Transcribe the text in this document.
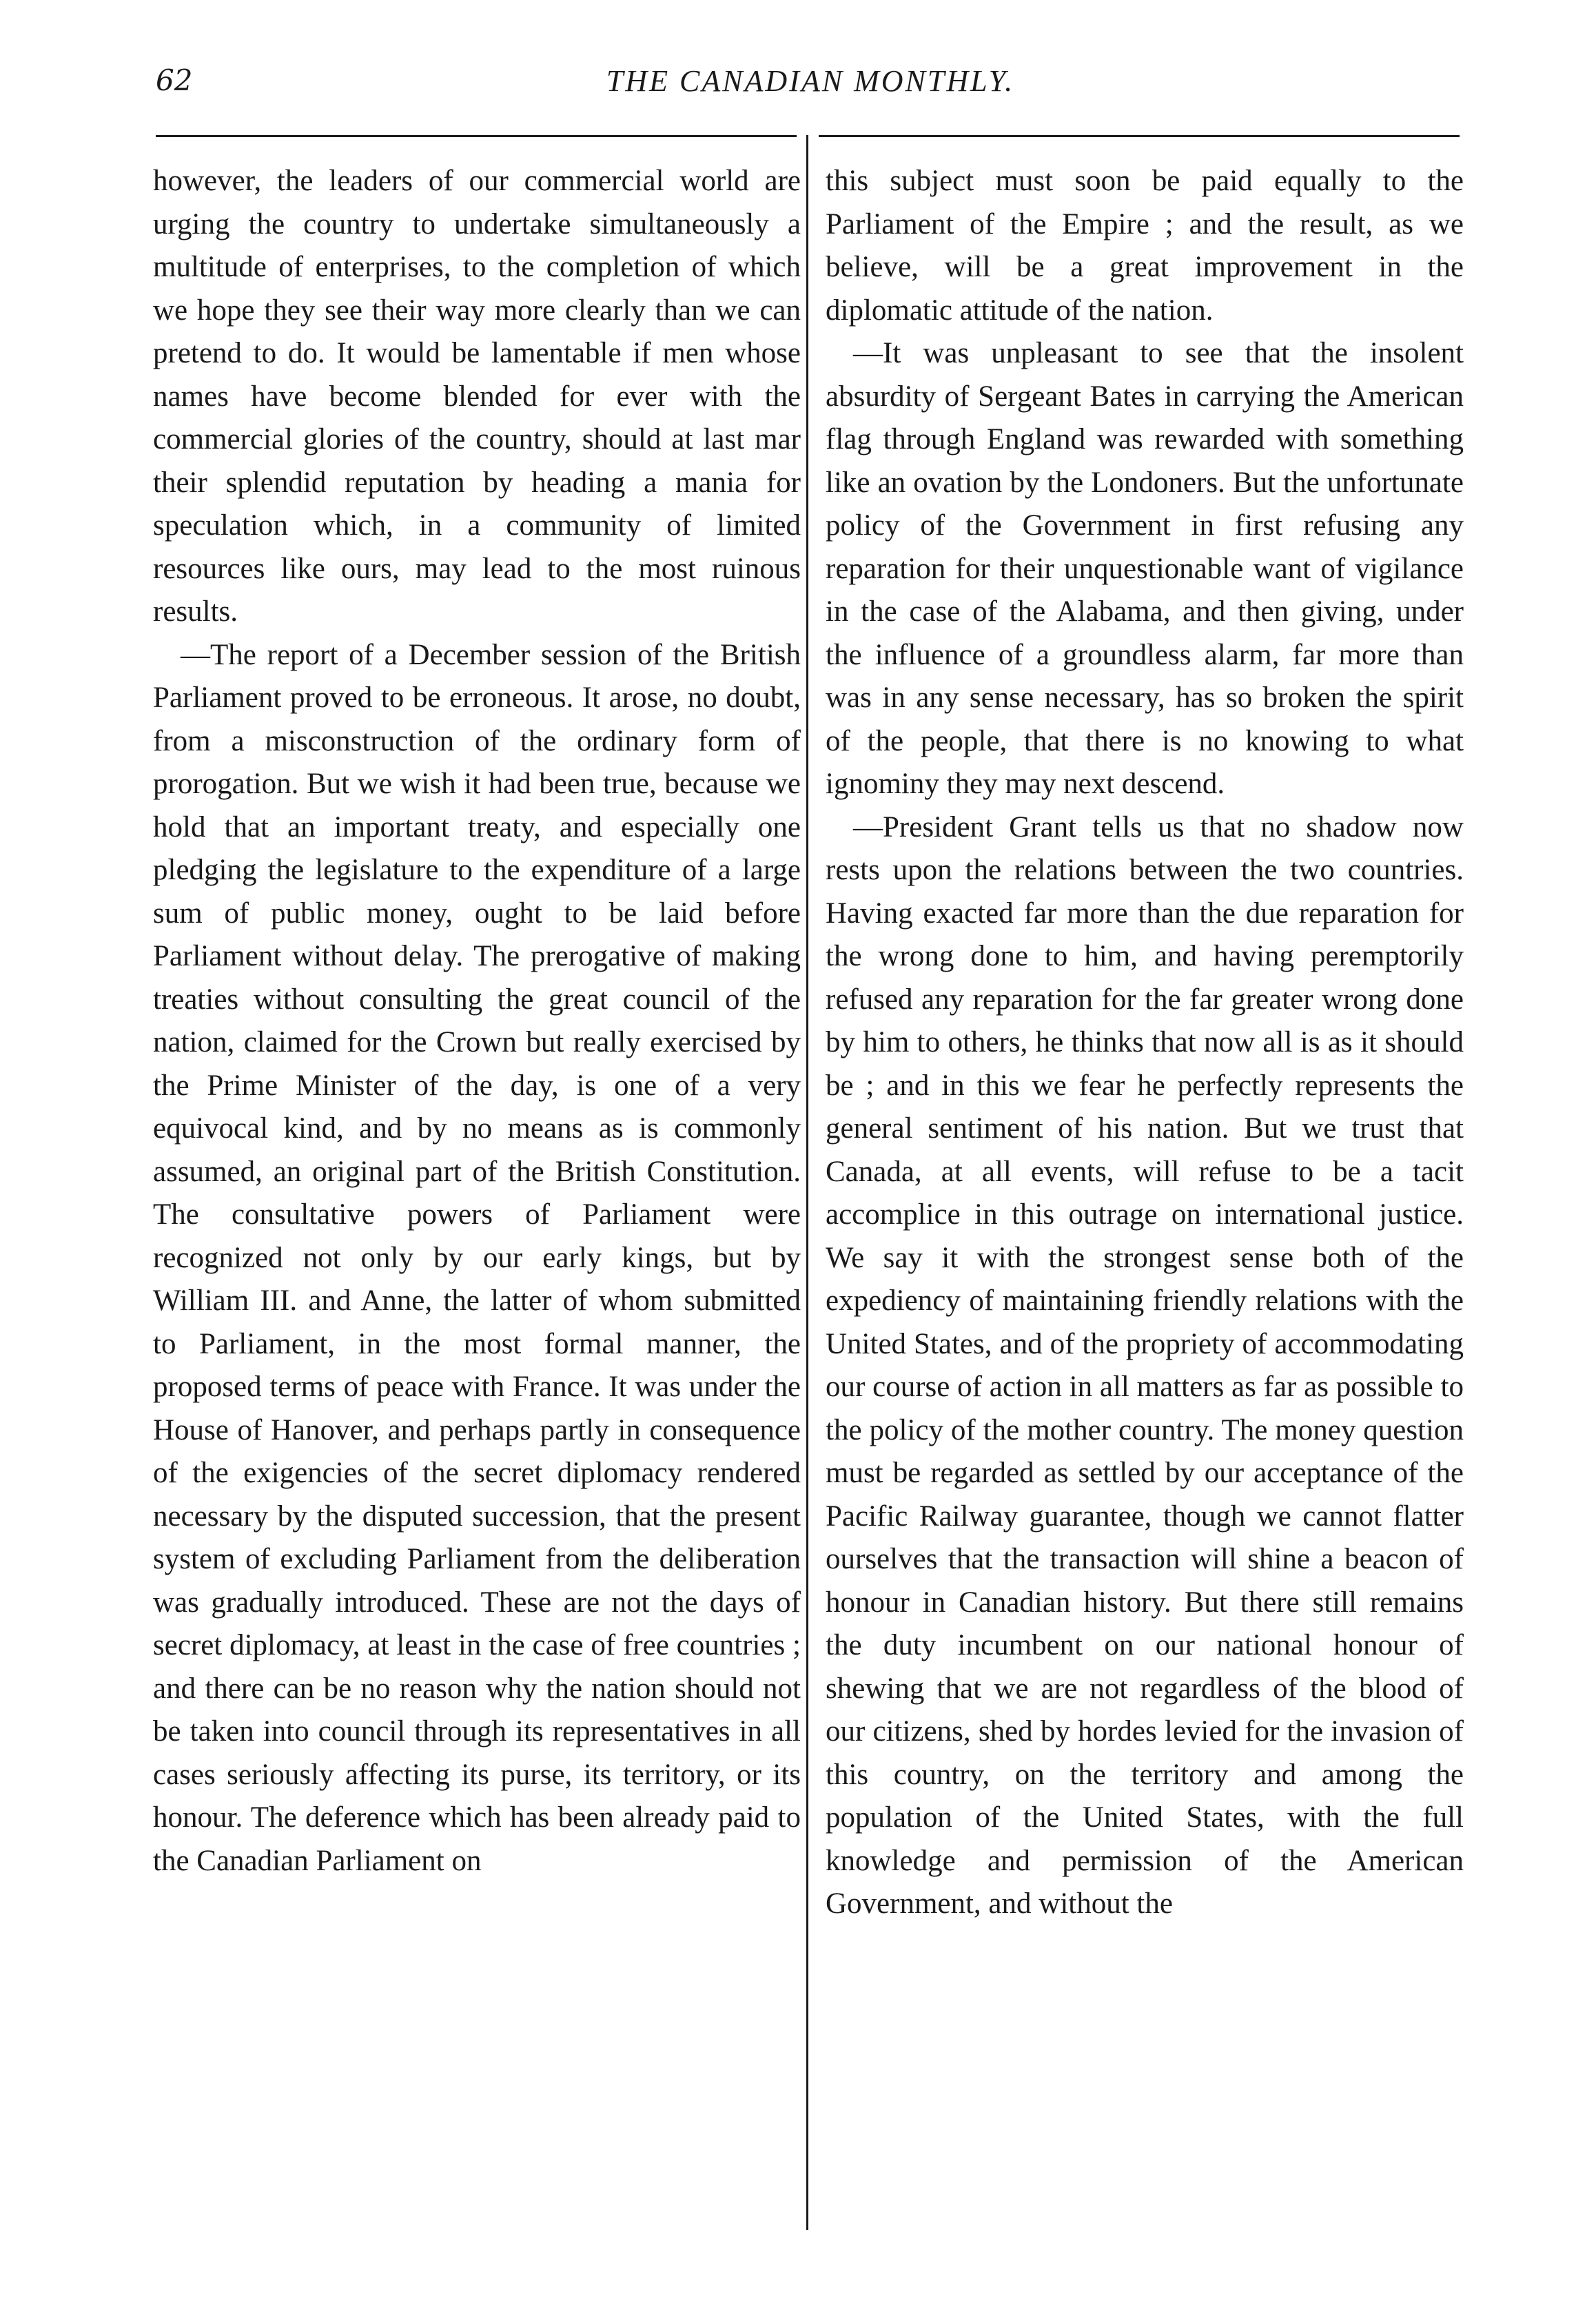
62	THE CANADIAN MONTHLY.

however, the leaders of our commercial world are urging the country to undertake simultaneously a multitude of enterprises, to the completion of which we hope they see their way more clearly than we can pretend to do. It would be lamentable if men whose names have become blended for ever with the commercial glories of the country, should at last mar their splendid reputation by heading a mania for speculation which, in a community of limited resources like ours, may lead to the most ruinous results.

—The report of a December session of the British Parliament proved to be erroneous. It arose, no doubt, from a misconstruction of the ordinary form of prorogation. But we wish it had been true, because we hold that an important treaty, and especially one pledging the legislature to the expenditure of a large sum of public money, ought to be laid before Parliament without delay. The prerogative of making treaties without consulting the great council of the nation, claimed for the Crown but really exercised by the Prime Minister of the day, is one of a very equivocal kind, and by no means as is commonly assumed, an original part of the British Constitution. The consultative powers of Parliament were recognized not only by our early kings, but by William III. and Anne, the latter of whom submitted to Parliament, in the most formal manner, the proposed terms of peace with France. It was under the House of Hanover, and perhaps partly in consequence of the exigencies of the secret diplomacy rendered necessary by the disputed succession, that the present system of excluding Parliament from the deliberation was gradually introduced. These are not the days of secret diplomacy, at least in the case of free countries ; and there can be no reason why the nation should not be taken into council through its representatives in all cases seriously affecting its purse, its territory, or its honour. The deference which has been already paid to the Canadian Parliament on

this subject must soon be paid equally to the Parliament of the Empire ; and the result, as we believe, will be a great improvement in the diplomatic attitude of the nation.

—It was unpleasant to see that the insolent absurdity of Sergeant Bates in carrying the American flag through England was rewarded with something like an ovation by the Londoners. But the unfortunate policy of the Government in first refusing any reparation for their unquestionable want of vigilance in the case of the Alabama, and then giving, under the influence of a groundless alarm, far more than was in any sense necessary, has so broken the spirit of the people, that there is no knowing to what ignominy they may next descend.

—President Grant tells us that no shadow now rests upon the relations between the two countries. Having exacted far more than the due reparation for the wrong done to him, and having peremptorily refused any reparation for the far greater wrong done by him to others, he thinks that now all is as it should be ; and in this we fear he perfectly represents the general sentiment of his nation. But we trust that Canada, at all events, will refuse to be a tacit accomplice in this outrage on international justice. We say it with the strongest sense both of the expediency of maintaining friendly relations with the United States, and of the propriety of accommodating our course of action in all matters as far as possible to the policy of the mother country. The money question must be regarded as settled by our acceptance of the Pacific Railway guarantee, though we cannot flatter ourselves that the transaction will shine a beacon of honour in Canadian history. But there still remains the duty incumbent on our national honour of shewing that we are not regardless of the blood of our citizens, shed by hordes levied for the invasion of this country, on the territory and among the population of the United States, with the full knowledge and permission of the American Government, and without the
